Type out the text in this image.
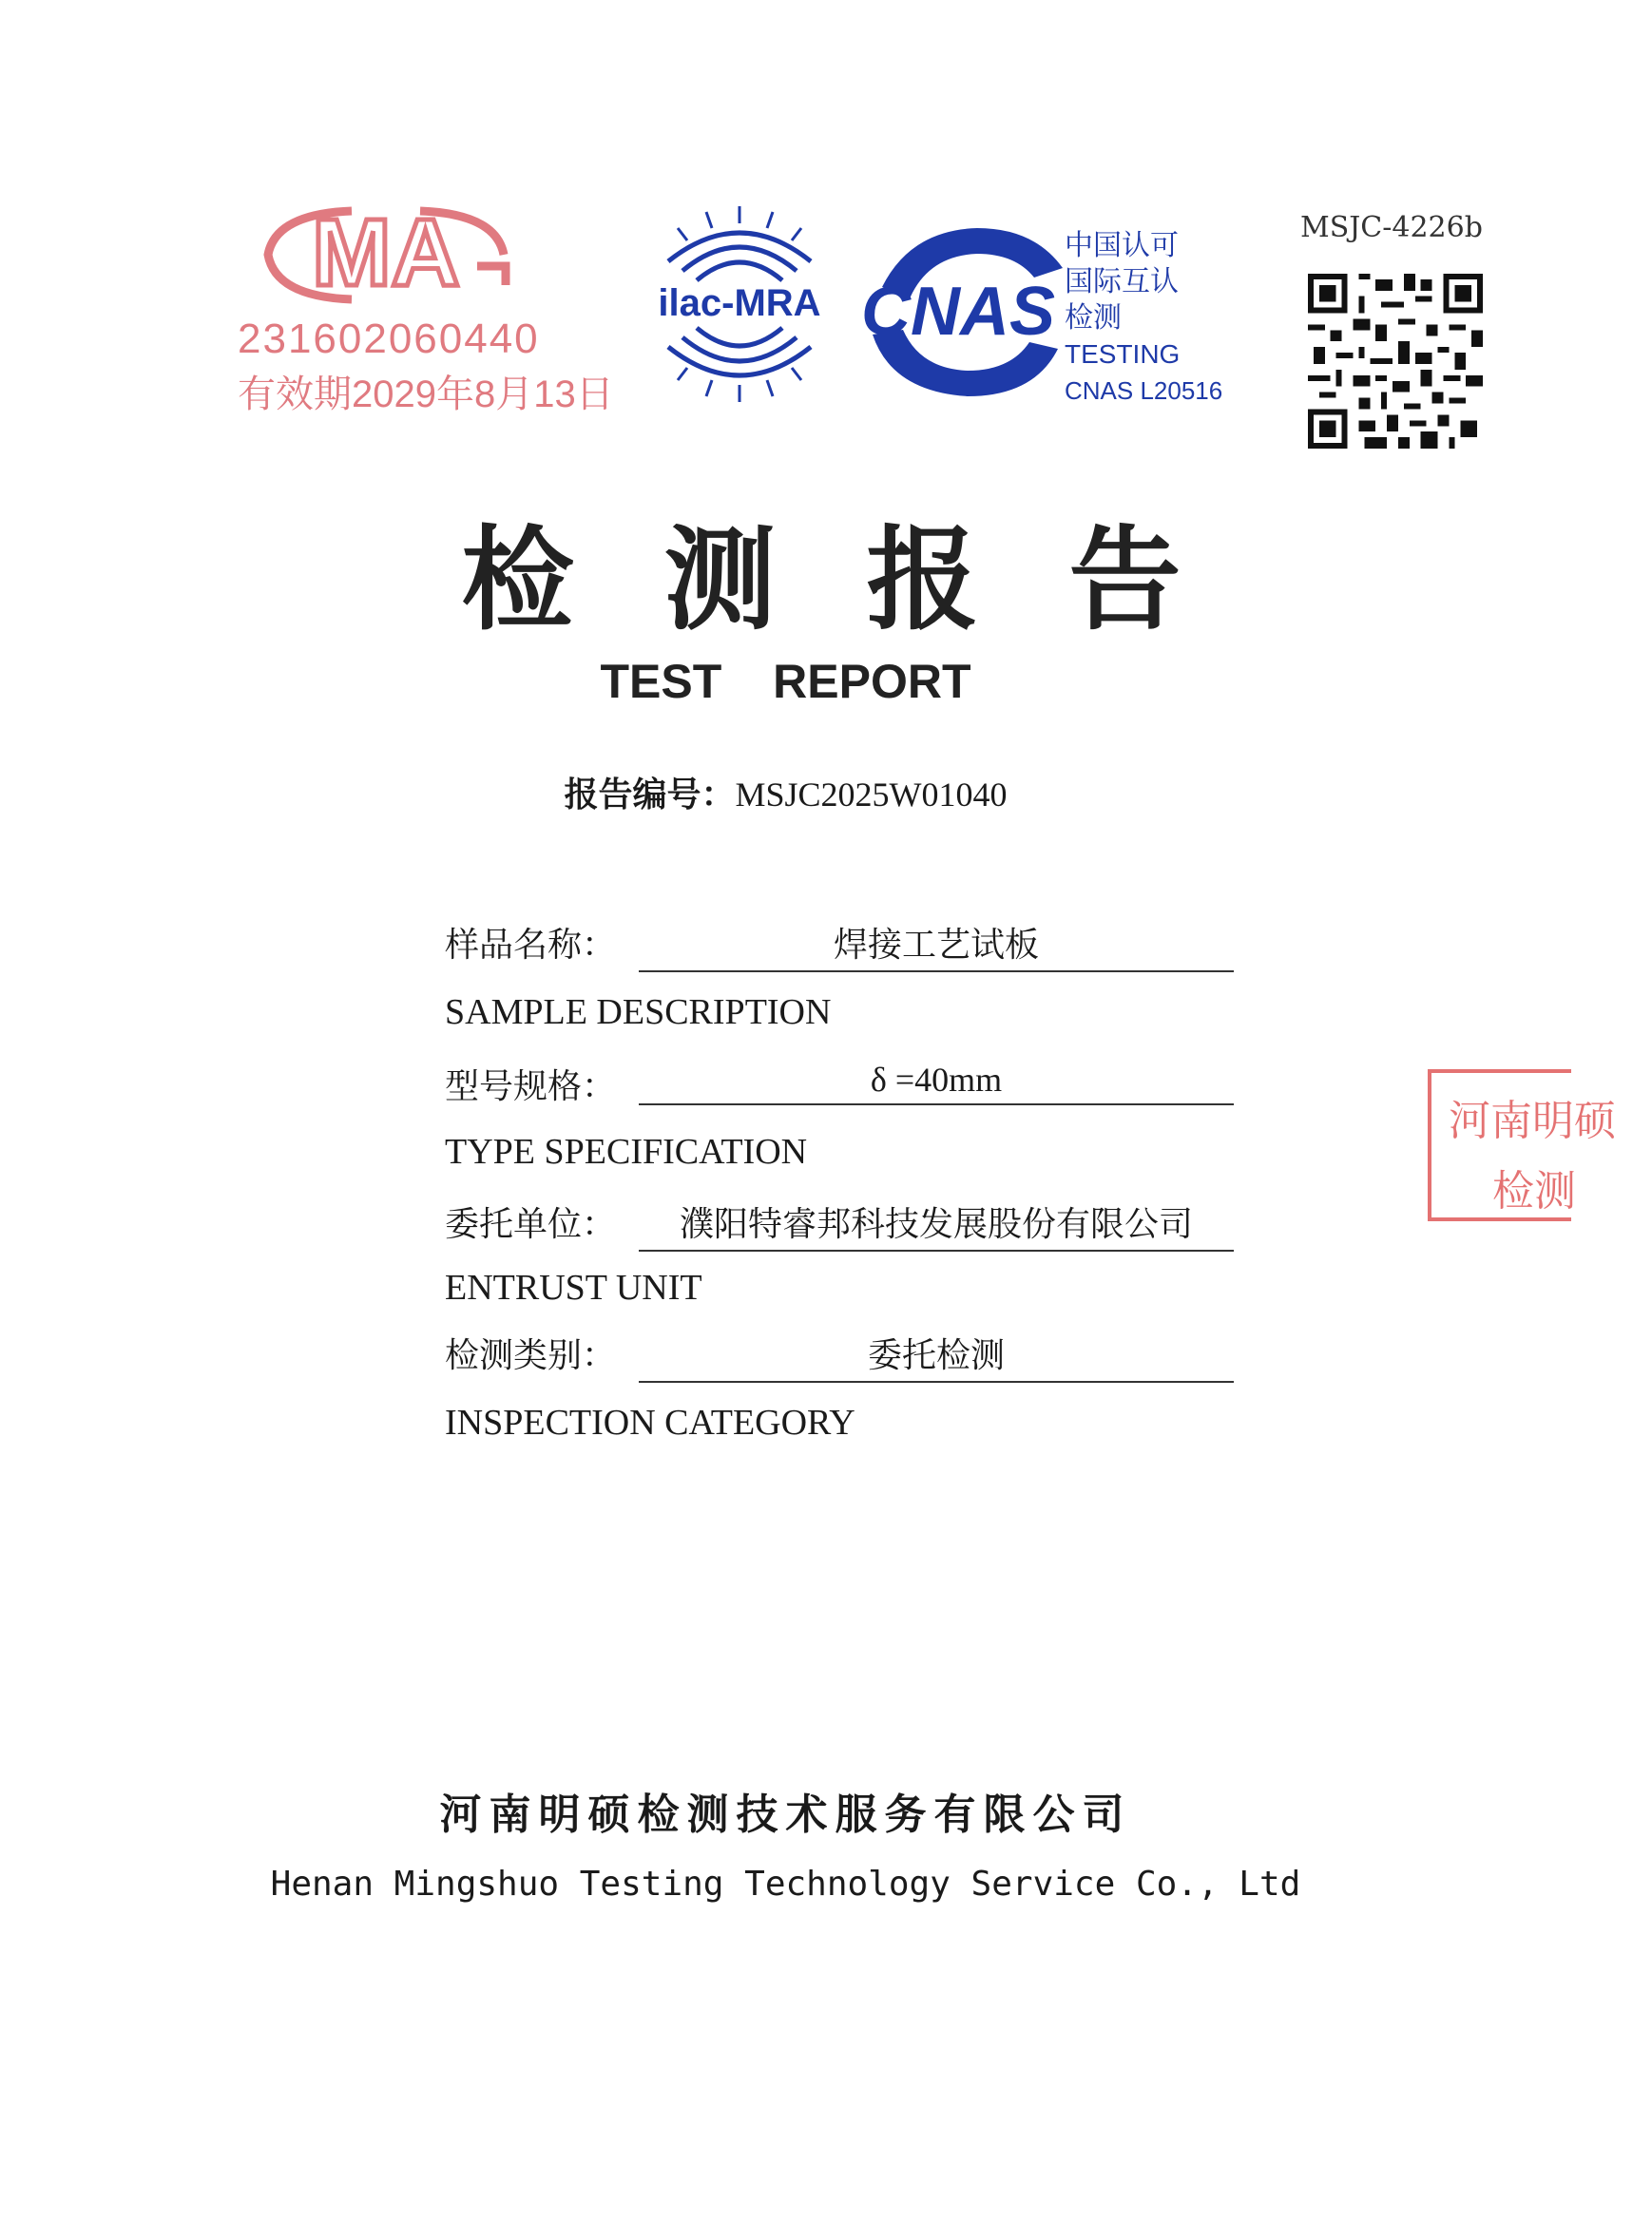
MA
231602060440
有效期2029年8月13日
ilac-MRA CNAS
中国认可
国际互认
检测
TESTING
CNAS L20516
MSJC-4226b
检测报告
TEST REPORT
报告编号：MSJC2025W01040
样品名称：	焊接工艺试板
SAMPLE DESCRIPTION
型号规格：	δ =40mm
TYPE SPECIFICATION
委托单位：	濮阳特睿邦科技发展股份有限公司
ENTRUST UNIT
检测类别：	委托检测
INSPECTION CATEGORY
河南明硕
检测
河南明硕检测技术服务有限公司
Henan Mingshuo Testing Technology Service Co., Ltd
